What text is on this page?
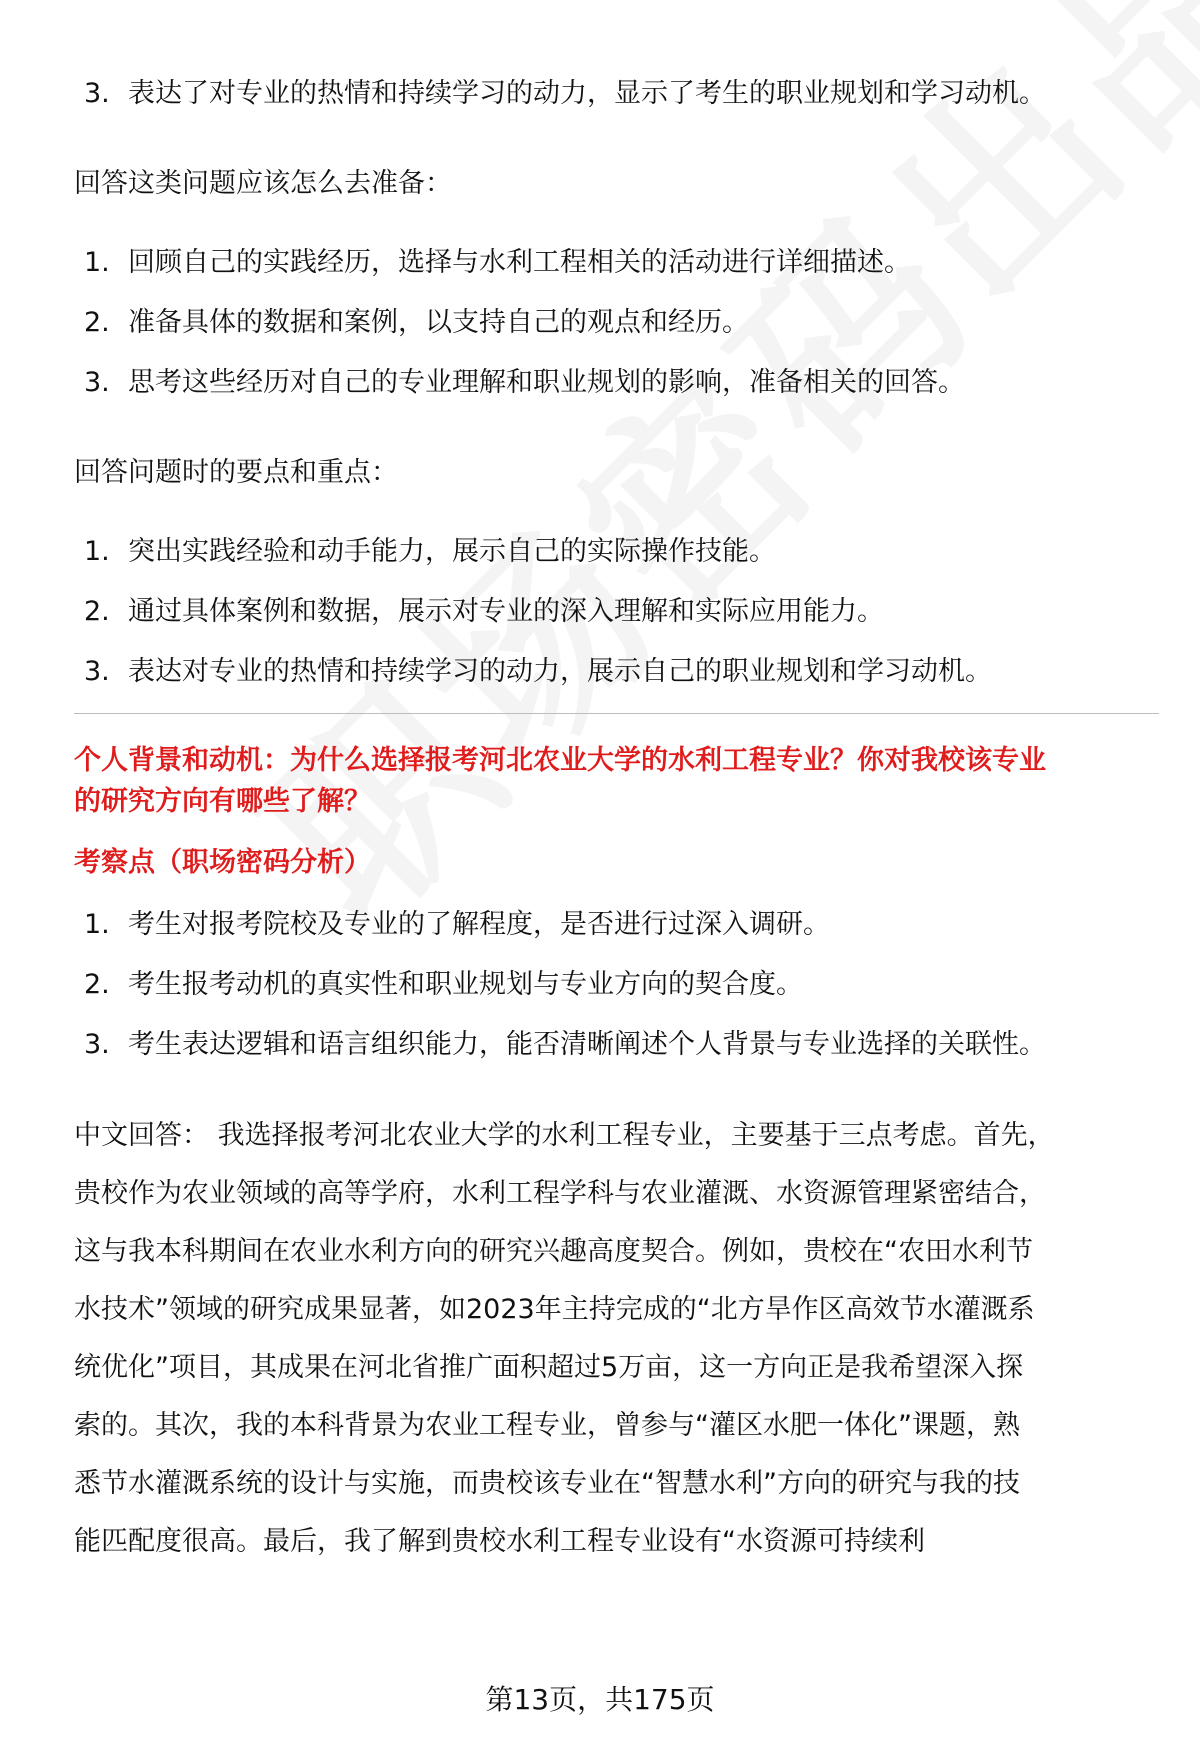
3. 表达了对专业的热情和持续学习的动力，显示了考生的职业规划和学习动机。

回答这类问题应该怎么去准备：

1. 回顾自己的实践经历，选择与水利工程相关的活动进行详细描述。
2. 准备具体的数据和案例，以支持自己的观点和经历。
3. 思考这些经历对自己的专业理解和职业规划的影响，准备相关的回答。

回答问题时的要点和重点：

1. 突出实践经验和动手能力，展示自己的实际操作技能。
2. 通过具体案例和数据，展示对专业的深入理解和实际应用能力。
3. 表达对专业的热情和持续学习的动力，展示自己的职业规划和学习动机。

个人背景和动机：为什么选择报考河北农业大学的水利工程专业？你对我校该专业

的研究方向有哪些了解？

考察点（职场密码分析）

1. 考生对报考院校及专业的了解程度，是否进行过深入调研。
2. 考生报考动机的真实性和职业规划与专业方向的契合度。
3. 考生表达逻辑和语言组织能力，能否清晰阐述个人背景与专业选择的关联性。

中文回答： 我选择报考河北农业大学的水利工程专业，主要基于三点考虑。首先，

贵校作为农业领域的高等学府，水利工程学科与农业灌溉、水资源管理紧密结合，

这与我本科期间在农业水利方向的研究兴趣高度契合。例如，贵校在“农田水利节

水技术”领域的研究成果显著，如2023年主持完成的“北方旱作区高效节水灌溉系

统优化”项目，其成果在河北省推广面积超过5万亩，这一方向正是我希望深入探

索的。其次，我的本科背景为农业工程专业，曾参与“灌区水肥一体化”课题，熟

悉节水灌溉系统的设计与实施，而贵校该专业在“智慧水利”方向的研究与我的技

能匹配度很高。最后，我了解到贵校水利工程专业设有“水资源可持续利

第13页，共175页
